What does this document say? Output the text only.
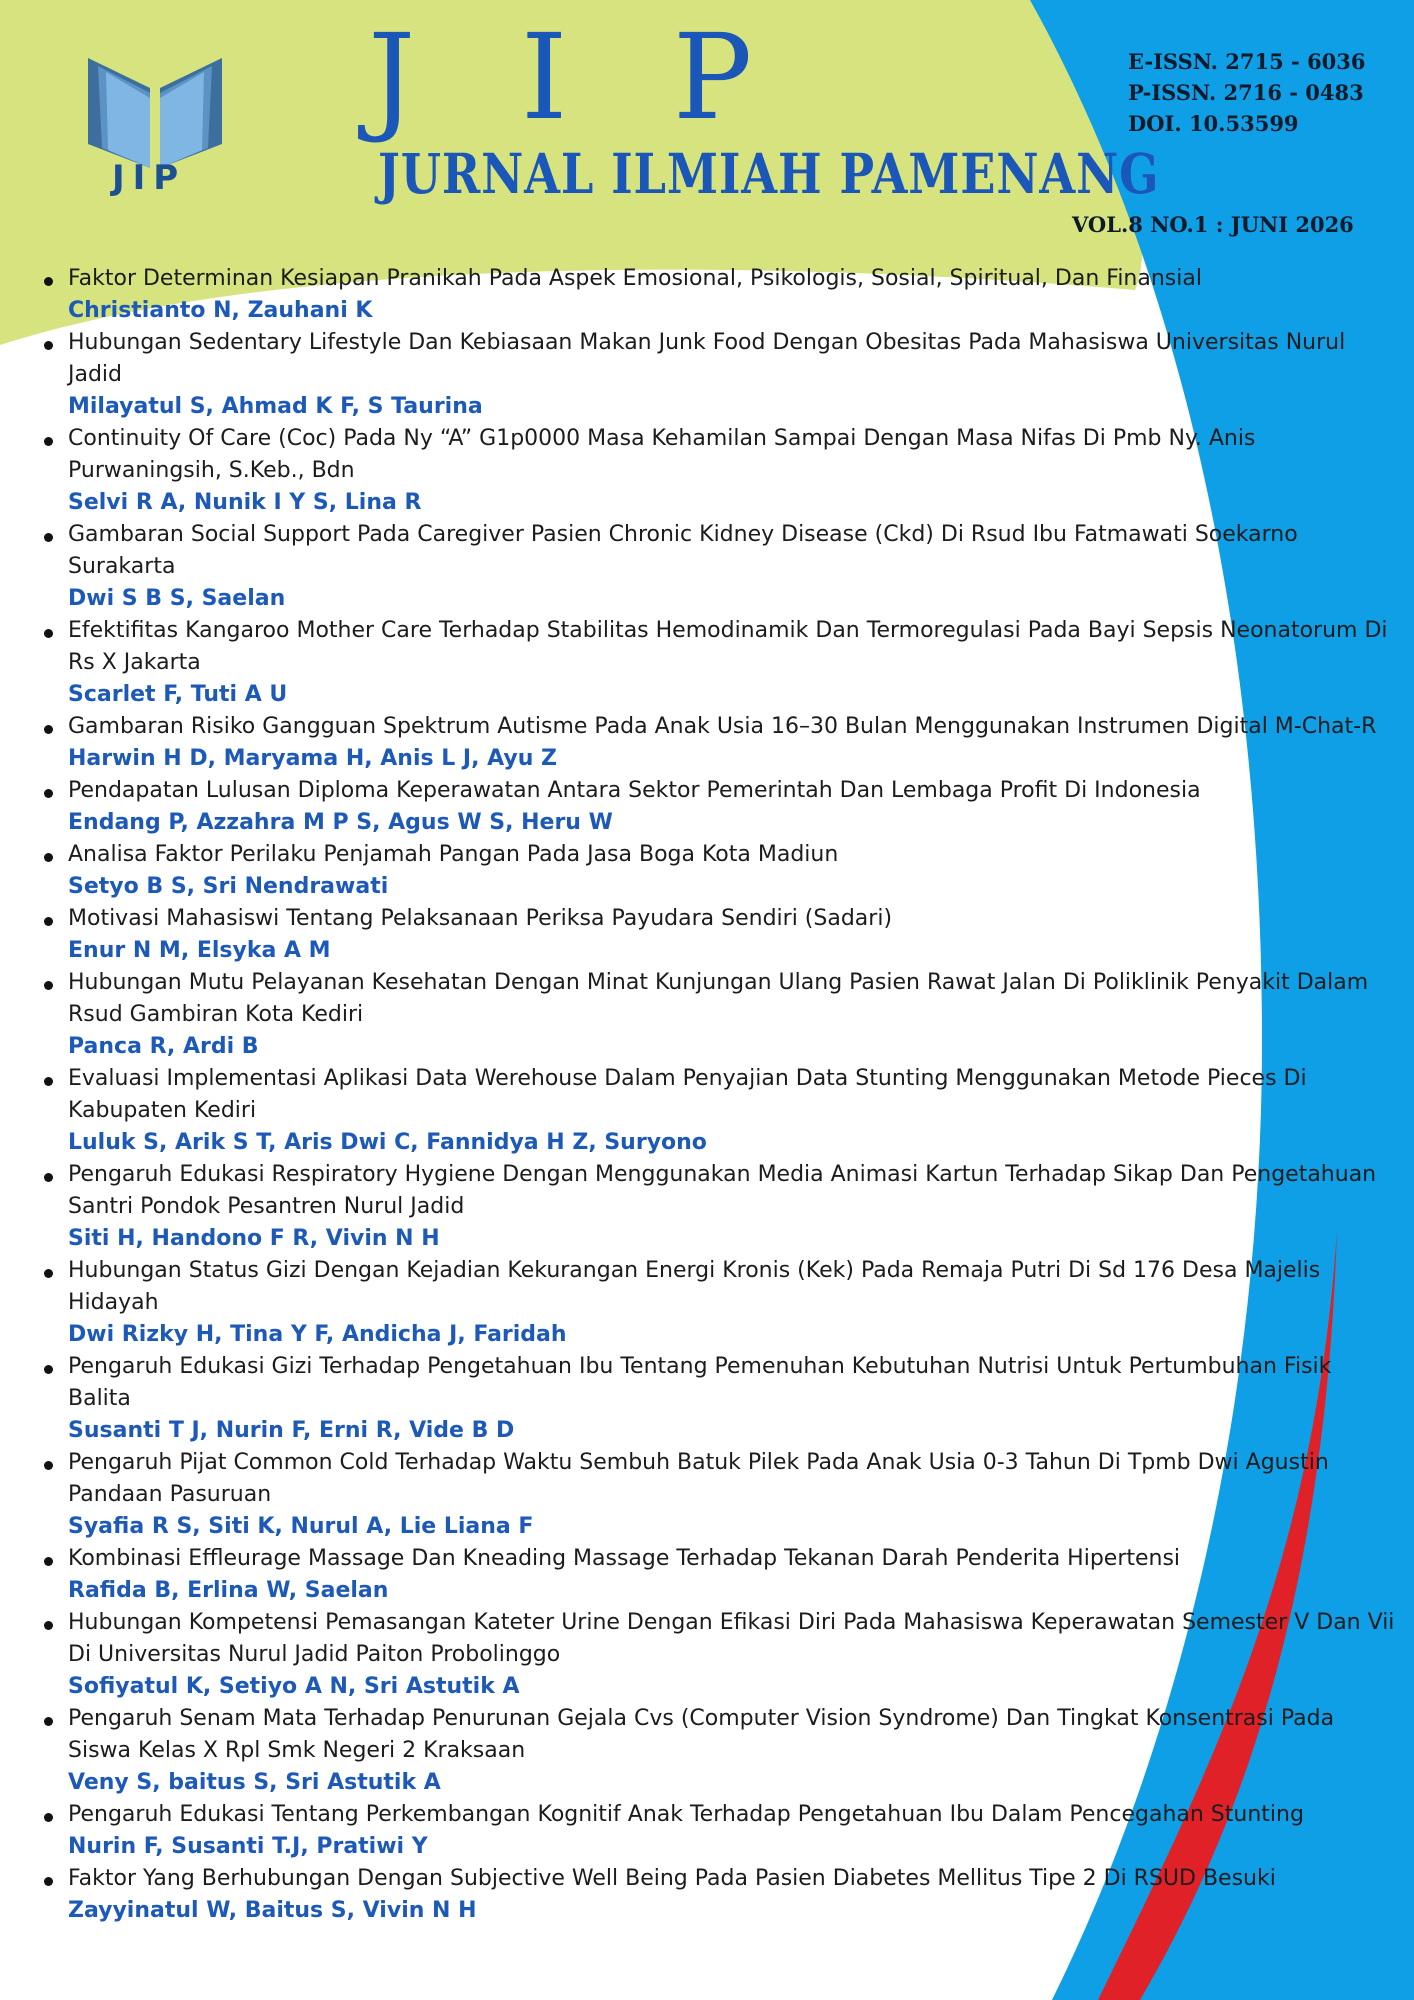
JIP
J I P
JURNAL ILMIAH PAMENANG
E-ISSN. 2715 - 6036
P-ISSN. 2716 - 0483
DOI. 10.53599
VOL.8 NO.1 : JUNI 2026
Faktor Determinan Kesiapan Pranikah Pada Aspek Emosional, Psikologis, Sosial, Spiritual, Dan Finansial
Christianto N, Zauhani K
Hubungan Sedentary Lifestyle Dan Kebiasaan Makan Junk Food Dengan Obesitas Pada Mahasiswa Universitas Nurul Jadid
Milayatul S, Ahmad K F, S Taurina
Continuity Of Care (Coc) Pada Ny “A” G1p0000 Masa Kehamilan Sampai Dengan Masa Nifas Di Pmb Ny. Anis Purwaningsih, S.Keb., Bdn
Selvi R A, Nunik I Y S, Lina R
Gambaran Social Support Pada Caregiver Pasien Chronic Kidney Disease (Ckd) Di Rsud Ibu Fatmawati Soekarno Surakarta
Dwi S B S, Saelan
Efektifitas Kangaroo Mother Care Terhadap Stabilitas Hemodinamik Dan Termoregulasi Pada Bayi Sepsis Neonatorum Di Rs X Jakarta
Scarlet F, Tuti A U
Gambaran Risiko Gangguan Spektrum Autisme Pada Anak Usia 16–30 Bulan Menggunakan Instrumen Digital M-Chat-R
Harwin H D, Maryama H, Anis L J, Ayu Z
Pendapatan Lulusan Diploma Keperawatan Antara Sektor Pemerintah Dan Lembaga Profit Di Indonesia
Endang P, Azzahra M P S, Agus W S, Heru W
Analisa Faktor Perilaku Penjamah Pangan Pada Jasa Boga Kota Madiun
Setyo B S, Sri Nendrawati
Motivasi Mahasiswi Tentang Pelaksanaan Periksa Payudara Sendiri (Sadari)
Enur N M, Elsyka A M
Hubungan Mutu Pelayanan Kesehatan Dengan Minat Kunjungan Ulang Pasien Rawat Jalan Di Poliklinik Penyakit Dalam Rsud Gambiran Kota Kediri
Panca R, Ardi B
Evaluasi Implementasi Aplikasi Data Werehouse Dalam Penyajian Data Stunting Menggunakan Metode Pieces Di Kabupaten Kediri
Luluk S, Arik S T, Aris Dwi C, Fannidya H Z, Suryono
Pengaruh Edukasi Respiratory Hygiene Dengan Menggunakan Media Animasi Kartun Terhadap Sikap Dan Pengetahuan Santri Pondok Pesantren Nurul Jadid
Siti H, Handono F R, Vivin N H
Hubungan Status Gizi Dengan Kejadian Kekurangan Energi Kronis (Kek) Pada Remaja Putri Di Sd 176 Desa Majelis Hidayah
Dwi Rizky H, Tina Y F, Andicha J, Faridah
Pengaruh Edukasi Gizi Terhadap Pengetahuan Ibu Tentang Pemenuhan Kebutuhan Nutrisi Untuk Pertumbuhan Fisik Balita
Susanti T J, Nurin F, Erni R, Vide B D
Pengaruh Pijat Common Cold Terhadap Waktu Sembuh Batuk Pilek Pada Anak Usia 0-3 Tahun Di Tpmb Dwi Agustin Pandaan Pasuruan
Syafia R S, Siti K, Nurul A, Lie Liana F
Kombinasi Effleurage Massage Dan Kneading Massage Terhadap Tekanan Darah Penderita Hipertensi
Rafida B, Erlina W, Saelan
Hubungan Kompetensi Pemasangan Kateter Urine Dengan Efikasi Diri Pada Mahasiswa Keperawatan Semester V Dan Vii Di Universitas Nurul Jadid Paiton Probolinggo
Sofiyatul K, Setiyo A N, Sri Astutik A
Pengaruh Senam Mata Terhadap Penurunan Gejala Cvs (Computer Vision Syndrome) Dan Tingkat Konsentrasi Pada Siswa Kelas X Rpl Smk Negeri 2 Kraksaan
Veny S, baitus S, Sri Astutik A
Pengaruh Edukasi Tentang Perkembangan Kognitif Anak Terhadap Pengetahuan Ibu Dalam Pencegahan Stunting
Nurin F, Susanti T.J, Pratiwi Y
Faktor Yang Berhubungan Dengan Subjective Well Being Pada Pasien Diabetes Mellitus Tipe 2 Di RSUD Besuki
Zayyinatul W, Baitus S, Vivin N H
